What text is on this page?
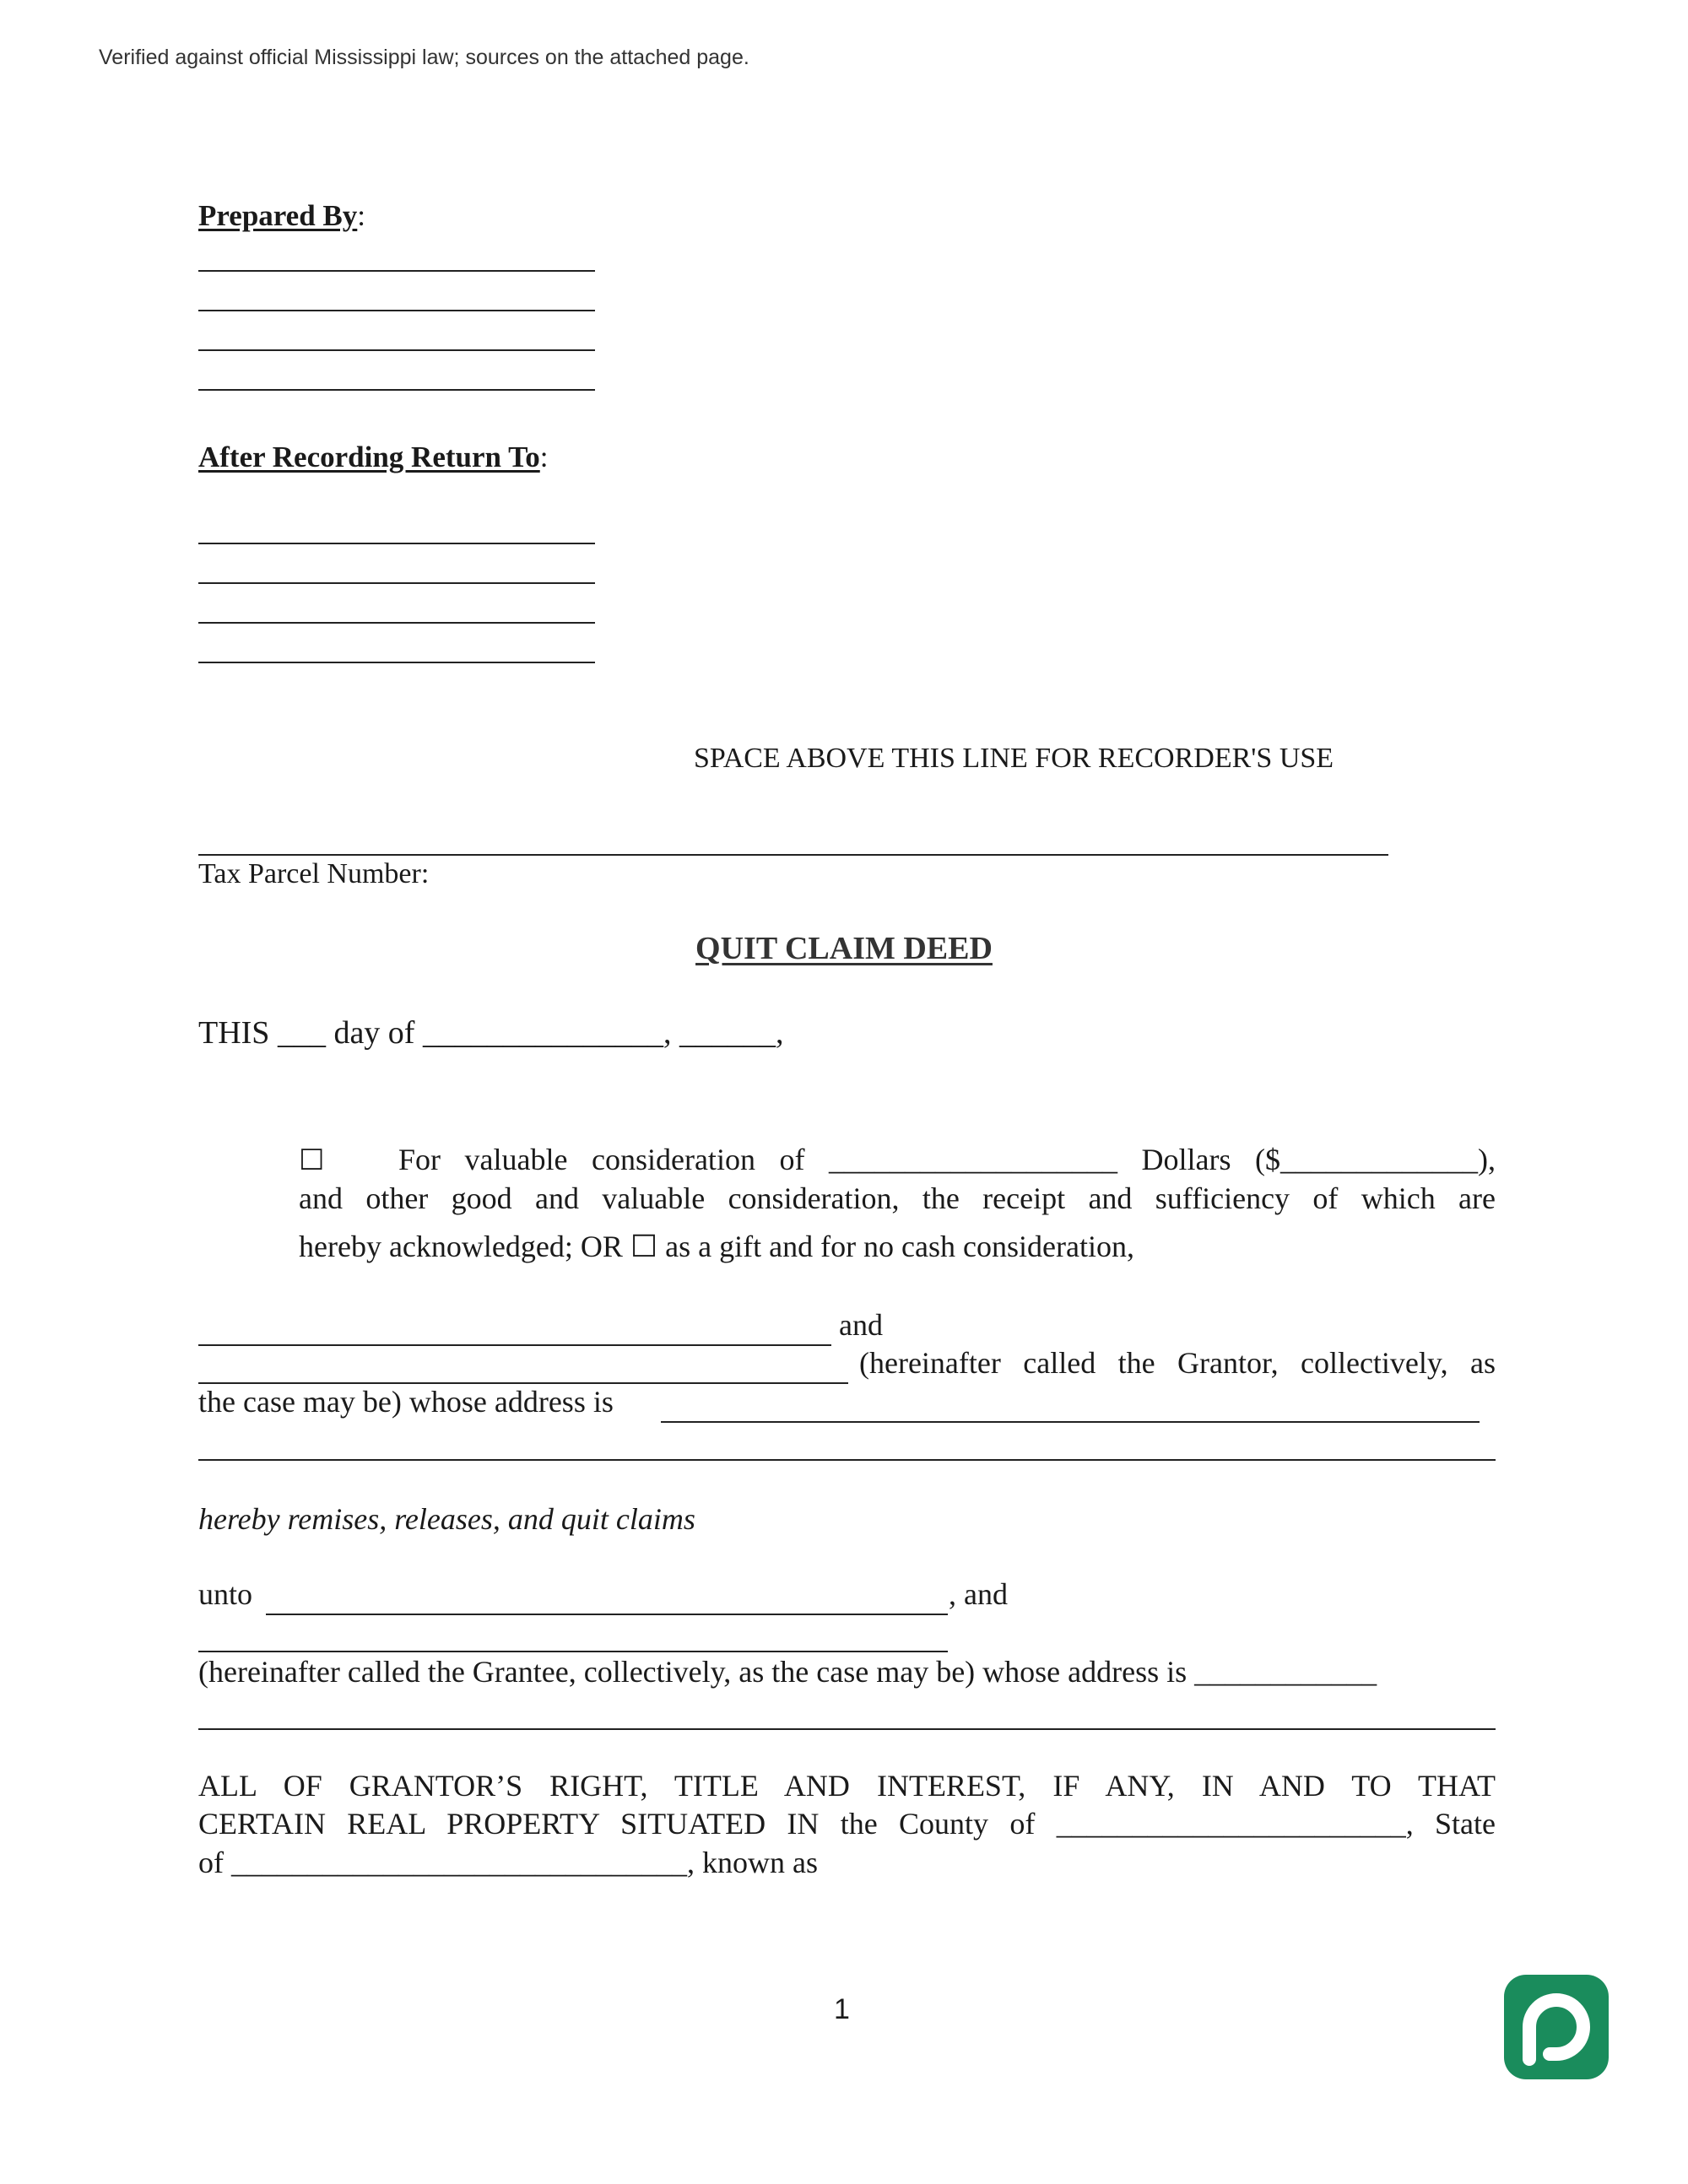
Verified against official Mississippi law; sources on the attached page.
Prepared By:
After Recording Return To:
SPACE ABOVE THIS LINE FOR RECORDER'S USE
Tax Parcel Number:
QUIT CLAIM DEED
THIS ___ day of _______________, ______,
☐ For valuable consideration of ___________________ Dollars ($_____________),
and other good and valuable consideration, the receipt and sufficiency of which are
hereby acknowledged; OR ☐ as a gift and for no cash consideration,
and
(hereinafter called the Grantor, collectively, as
the case may be) whose address is
hereby remises, releases, and quit claims
unto	, and
(hereinafter called the Grantee, collectively, as the case may be) whose address is ____________
ALL OF GRANTOR’S RIGHT, TITLE AND INTEREST, IF ANY, IN AND TO THAT
CERTAIN REAL PROPERTY SITUATED IN the County of _______________________, State
of ______________________________, known as
1
